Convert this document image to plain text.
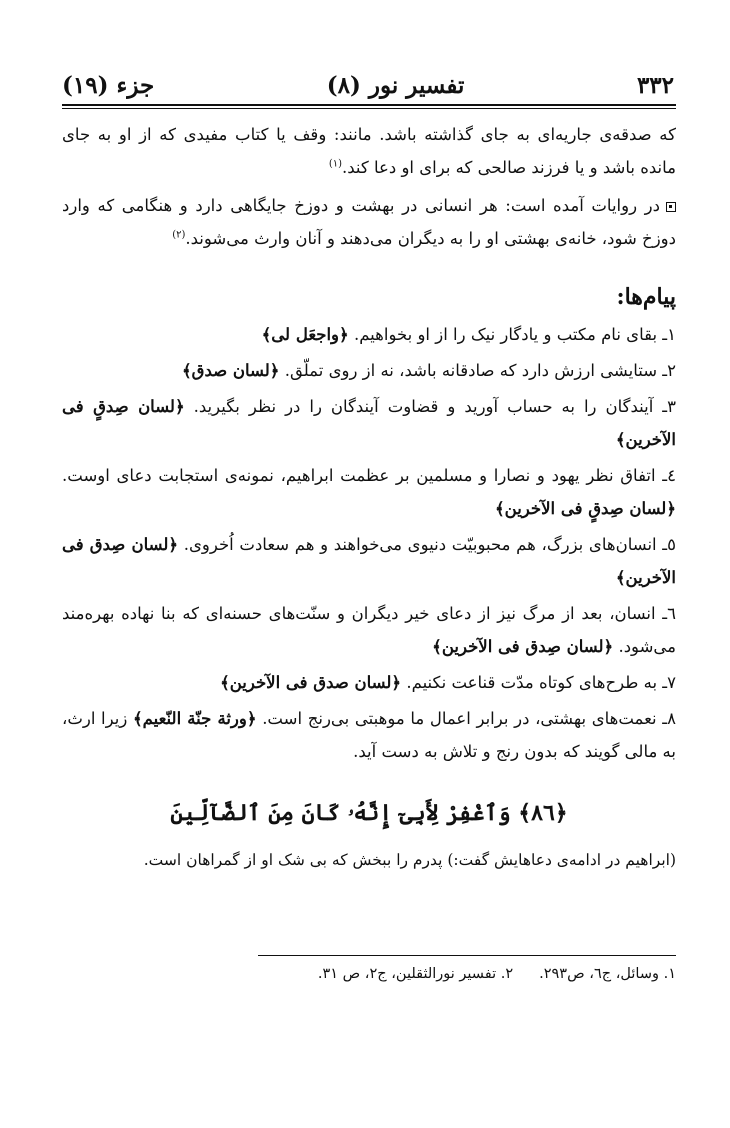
۳۳۲
تفسیر نور (۸)
جزء (۱۹)

که صدقه‌ی جاریه‌ای به جای گذاشته باشد. مانند: وقف یا کتاب مفیدی که از او به جای مانده باشد و یا فرزند صالحی که برای او دعا کند.$^{(۱)}$

در روایات آمده است: هر انسانی در بهشت و دوزخ جایگاهی دارد و هنگامی که وارد دوزخ شود، خانه‌ی بهشتی او را به دیگران می‌دهند و آنان وارث می‌شوند.$^{(۲)}$

پیام‌ها:
۱ـ بقای نام مکتب و یادگار نیک را از او بخواهیم. ﴿واجعَل لی﴾
۲ـ ستایشی ارزش دارد که صادقانه باشد، نه از روی تملّق. ﴿لسان صدق﴾
۳ـ آیندگان را به حساب آورید و قضاوت آیندگان را در نظر بگیرید. ﴿لسان صِدقٍ فی الآخرین﴾
٤ـ اتفاق نظر یهود و نصارا و مسلمین بر عظمت ابراهیم، نمونه‌ی استجابت دعای اوست. ﴿لسان صِدقٍ فی الآخرین﴾
٥ـ انسان‌های بزرگ، هم محبوبیّت دنیوی می‌خواهند و هم سعادت اُخروی. ﴿لسان صِدق فی الآخرین﴾
٦ـ انسان، بعد از مرگ نیز از دعای خیر دیگران و سنّت‌های حسنه‌ای که بنا نهاده بهره‌مند می‌شود. ﴿لسان صِدق فی الآخرین﴾
٧ـ به طرح‌های کوتاه مدّت قناعت نکنیم. ﴿لسان صدق فی الآخرین﴾
٨ـ نعمت‌های بهشتی، در برابر اعمال ما موهبتی بی‌رنج است. ﴿ورثة جنّة النّعیم﴾ زیرا ارث، به مالی گویند که بدون رنج و تلاش به دست آید.
﴿٨٦﴾ وَٱغْفِرْ لِأَبِىٓ إِنَّهُۥ كَانَ مِنَ ٱلضَّآلِّينَ
(ابراهیم در ادامه‌ی دعاهایش گفت:) پدرم را ببخش که بی شک او از گمراهان است.
۱. وسائل، ج٦، ص۲۹۳.
۲. تفسیر نورالثقلین، ج۲، ص ۳۱.
